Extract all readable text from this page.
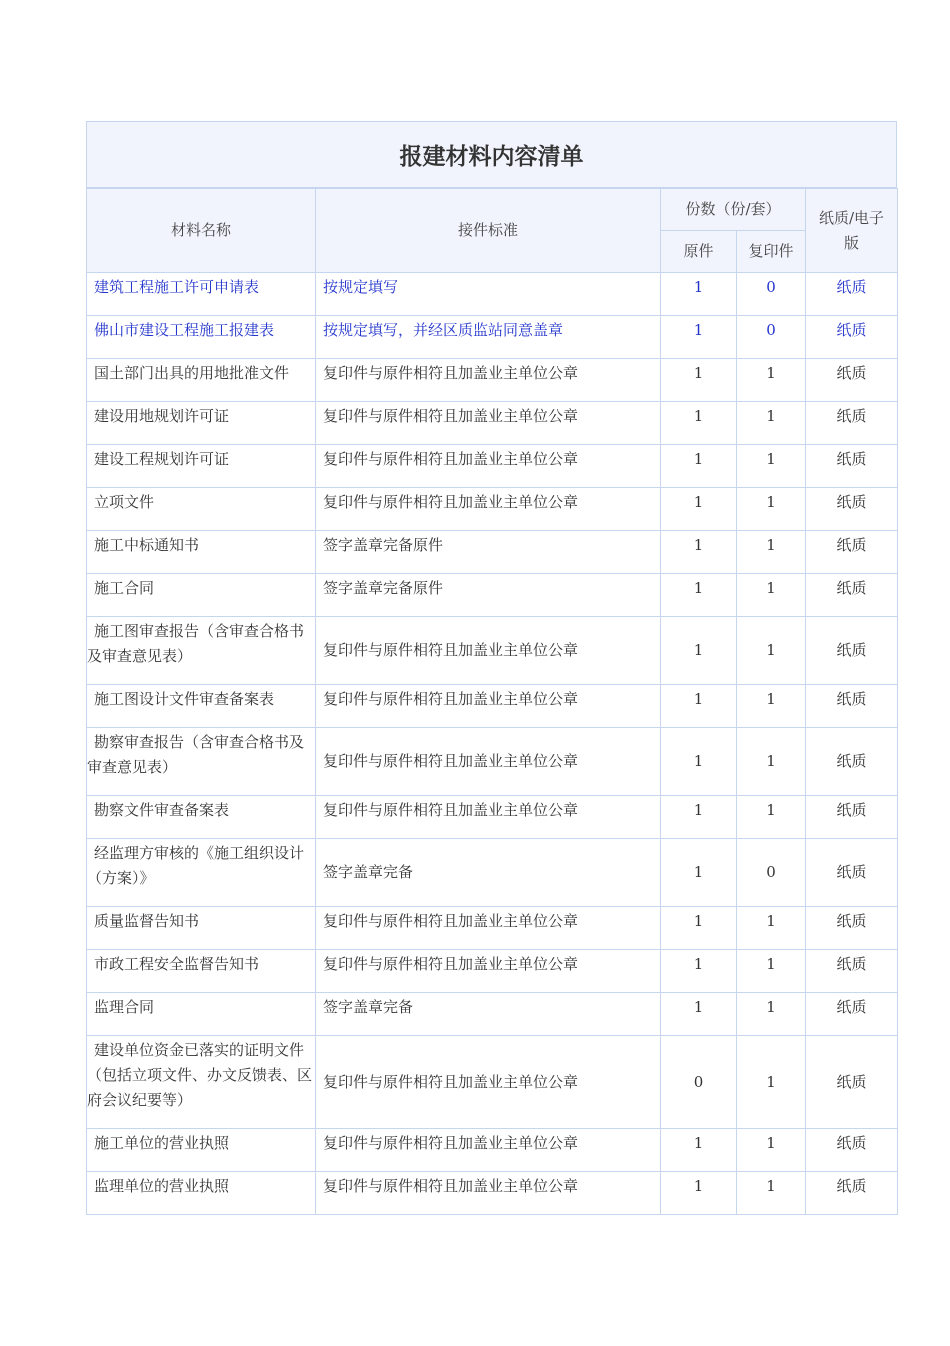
报建材料内容清单
材料名称	接件标准	份数（份/套）		纸质/电子版
		原件	复印件	
建筑工程施工许可申请表	按规定填写	1	0	纸质
佛山市建设工程施工报建表	按规定填写，并经区质监站同意盖章	1	0	纸质
国土部门出具的用地批准文件	复印件与原件相符且加盖业主单位公章	1	1	纸质
建设用地规划许可证	复印件与原件相符且加盖业主单位公章	1	1	纸质
建设工程规划许可证	复印件与原件相符且加盖业主单位公章	1	1	纸质
立项文件	复印件与原件相符且加盖业主单位公章	1	1	纸质
施工中标通知书	签字盖章完备原件	1	1	纸质
施工合同	签字盖章完备原件	1	1	纸质

施工图审查报告（含审查合格书及审查意见表）	复印件与原件相符且加盖业主单位公章	1	1	纸质
施工图设计文件审查备案表	复印件与原件相符且加盖业主单位公章	1	1	纸质

勘察审查报告（含审查合格书及审查意见表）	复印件与原件相符且加盖业主单位公章	1	1	纸质
勘察文件审查备案表	复印件与原件相符且加盖业主单位公章	1	1	纸质

经监理方审核的《施工组织设计（方案）》	签字盖章完备	1	0	纸质
质量监督告知书	复印件与原件相符且加盖业主单位公章	1	1	纸质
市政工程安全监督告知书	复印件与原件相符且加盖业主单位公章	1	1	纸质
监理合同	签字盖章完备	1	1	纸质

建设单位资金已落实的证明文件（包括立项文件、办文反馈表、区府会议纪要等）	复印件与原件相符且加盖业主单位公章	0	1	纸质
施工单位的营业执照	复印件与原件相符且加盖业主单位公章	1	1	纸质
监理单位的营业执照	复印件与原件相符且加盖业主单位公章	1	1	纸质
